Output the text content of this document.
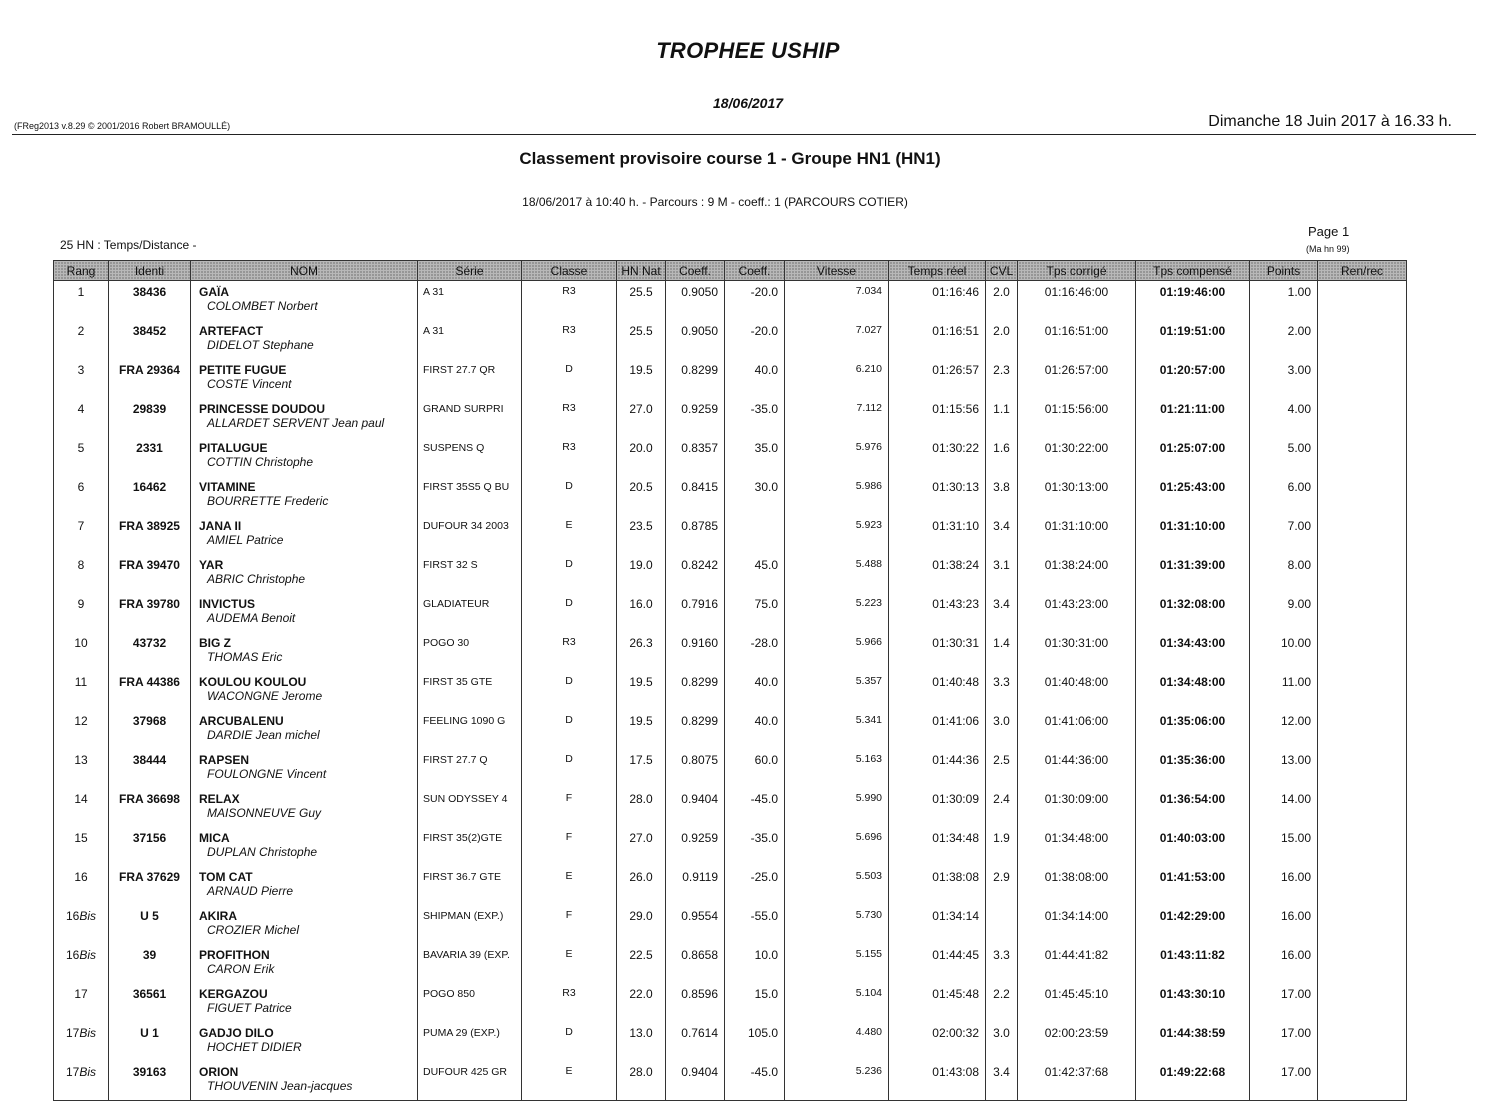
TROPHEE USHIP
18/06/2017
(FReg2013 v.8.29 © 2001/2016 Robert BRAMOULLÉ)	Dimanche 18 Juin 2017 à 16.33 h.
Classement provisoire course 1 - Groupe HN1 (HN1)
18/06/2017 à 10:40 h. - Parcours : 9 M - coeff.: 1 (PARCOURS COTIER)
25 HN : Temps/Distance -
Page 1
(Ma hn 99)
Rang	Identi	NOM	Série	Classe	HN Nat	Coeff.	Coeff.	Vitesse	Temps réel	CVL	Tps corrigé	Tps compensé	Points	Ren/rec

1	38436	GAÏA
COLOMBET Norbert	A 31	R3	25.5	0.9050	-20.0	7.034	01:16:46	2.0	01:16:46:00	01:19:46:00	1.00	

2	38452	ARTEFACT
DIDELOT Stephane	A 31	R3	25.5	0.9050	-20.0	7.027	01:16:51	2.0	01:16:51:00	01:19:51:00	2.00	

3	FRA 29364	PETITE FUGUE
COSTE Vincent	FIRST 27.7 QR	D	19.5	0.8299	40.0	6.210	01:26:57	2.3	01:26:57:00	01:20:57:00	3.00	

4	29839	PRINCESSE DOUDOU
ALLARDET SERVENT Jean paul	GRAND SURPRI	R3	27.0	0.9259	-35.0	7.112	01:15:56	1.1	01:15:56:00	01:21:11:00	4.00	

5	2331	PITALUGUE
COTTIN Christophe	SUSPENS Q	R3	20.0	0.8357	35.0	5.976	01:30:22	1.6	01:30:22:00	01:25:07:00	5.00	

6	16462	VITAMINE
BOURRETTE Frederic	FIRST 35S5 Q BU	D	20.5	0.8415	30.0	5.986	01:30:13	3.8	01:30:13:00	01:25:43:00	6.00	

7	FRA 38925	JANA II
AMIEL Patrice	DUFOUR 34 2003	E	23.5	0.8785		5.923	01:31:10	3.4	01:31:10:00	01:31:10:00	7.00	

8	FRA 39470	YAR
ABRIC Christophe	FIRST 32 S	D	19.0	0.8242	45.0	5.488	01:38:24	3.1	01:38:24:00	01:31:39:00	8.00	

9	FRA 39780	INVICTUS
AUDEMA Benoit	GLADIATEUR	D	16.0	0.7916	75.0	5.223	01:43:23	3.4	01:43:23:00	01:32:08:00	9.00	

10	43732	BIG Z
THOMAS Eric	POGO 30	R3	26.3	0.9160	-28.0	5.966	01:30:31	1.4	01:30:31:00	01:34:43:00	10.00	

11	FRA 44386	KOULOU KOULOU
WACONGNE Jerome	FIRST 35 GTE	D	19.5	0.8299	40.0	5.357	01:40:48	3.3	01:40:48:00	01:34:48:00	11.00	

12	37968	ARCUBALENU
DARDIE Jean michel	FEELING 1090 G	D	19.5	0.8299	40.0	5.341	01:41:06	3.0	01:41:06:00	01:35:06:00	12.00	

13	38444	RAPSEN
FOULONGNE Vincent	FIRST 27.7 Q	D	17.5	0.8075	60.0	5.163	01:44:36	2.5	01:44:36:00	01:35:36:00	13.00	

14	FRA 36698	RELAX
MAISONNEUVE Guy	SUN ODYSSEY 4	F	28.0	0.9404	-45.0	5.990	01:30:09	2.4	01:30:09:00	01:36:54:00	14.00	

15	37156	MICA
DUPLAN Christophe	FIRST 35(2)GTE	F	27.0	0.9259	-35.0	5.696	01:34:48	1.9	01:34:48:00	01:40:03:00	15.00	

16	FRA 37629	TOM CAT
ARNAUD Pierre	FIRST 36.7 GTE	E	26.0	0.9119	-25.0	5.503	01:38:08	2.9	01:38:08:00	01:41:53:00	16.00	

16Bis	U 5	AKIRA
CROZIER Michel	SHIPMAN (EXP.)	F	29.0	0.9554	-55.0	5.730	01:34:14		01:34:14:00	01:42:29:00	16.00	

16Bis	39	PROFITHON
CARON Erik	BAVARIA 39 (EXP.	E	22.5	0.8658	10.0	5.155	01:44:45	3.3	01:44:41:82	01:43:11:82	16.00	

17	36561	KERGAZOU
FIGUET Patrice	POGO 850	R3	22.0	0.8596	15.0	5.104	01:45:48	2.2	01:45:45:10	01:43:30:10	17.00	

17Bis	U 1	GADJO DILO
HOCHET DIDIER	PUMA 29 (EXP.)	D	13.0	0.7614	105.0	4.480	02:00:32	3.0	02:00:23:59	01:44:38:59	17.00	

17Bis	39163	ORION
THOUVENIN Jean-jacques	DUFOUR 425 GR	E	28.0	0.9404	-45.0	5.236	01:43:08	3.4	01:42:37:68	01:49:22:68	17.00	
